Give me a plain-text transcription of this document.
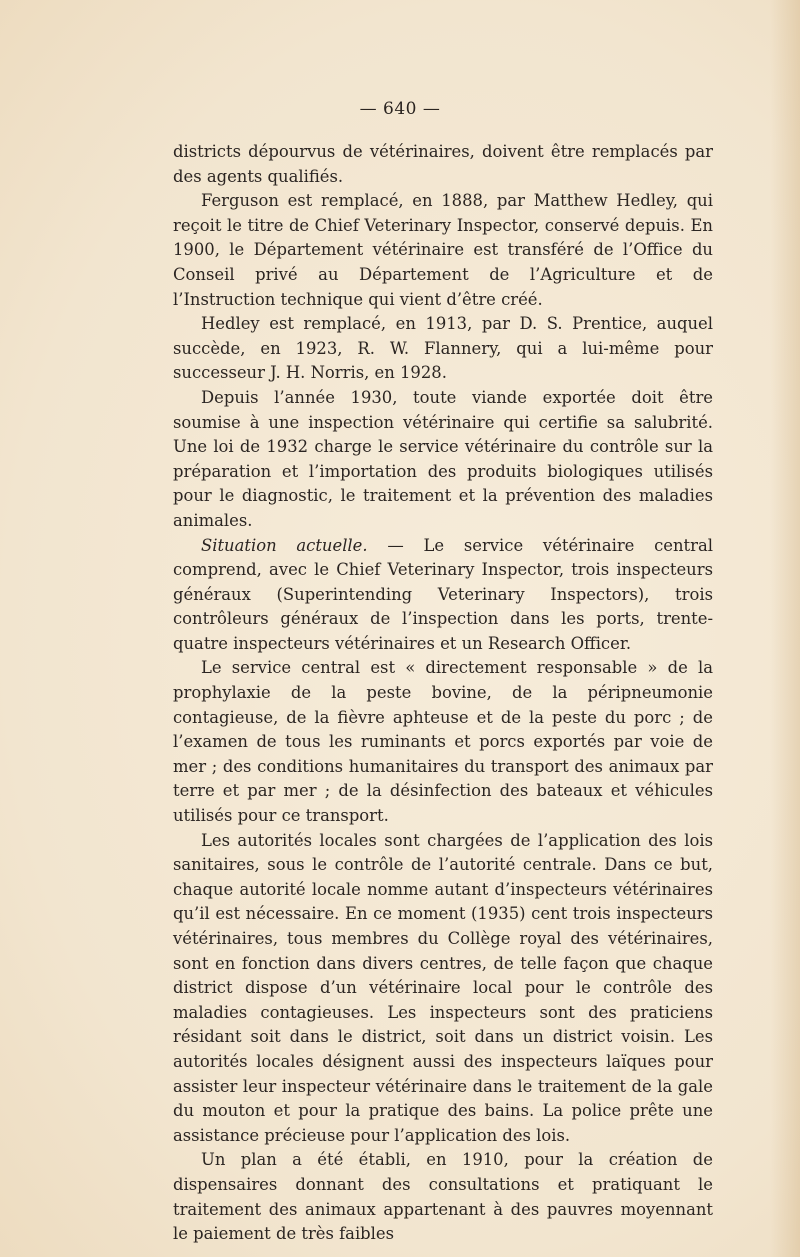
— 640 —

districts dépourvus de vétérinaires, doivent être remplacés par des agents qualifiés.

Ferguson est remplacé, en 1888, par Matthew Hedley, qui reçoit le titre de Chief Veterinary Inspector, conservé depuis. En 1900, le Département vétérinaire est transféré de l’Office du Conseil privé au Département de l’Agriculture et de l’Instruction technique qui vient d’être créé.

Hedley est remplacé, en 1913, par D. S. Prentice, auquel succède, en 1923, R. W. Flannery, qui a lui-même pour successeur J. H. Norris, en 1928.

Depuis l’année 1930, toute viande exportée doit être soumise à une inspection vétérinaire qui certifie sa salubrité. Une loi de 1932 charge le service vétérinaire du contrôle sur la préparation et l’importation des produits biologiques utilisés pour le diagnostic, le traitement et la prévention des maladies animales.

Situation actuelle. — Le service vétérinaire central comprend, avec le Chief Veterinary Inspector, trois inspecteurs généraux (Superintending Veterinary Inspectors), trois contrôleurs généraux de l’inspection dans les ports, trente-quatre inspecteurs vétérinaires et un Research Officer.

Le service central est « directement responsable » de la prophylaxie de la peste bovine, de la péripneumonie contagieuse, de la fièvre aphteuse et de la peste du porc ; de l’examen de tous les ruminants et porcs exportés par voie de mer ; des conditions humanitaires du transport des animaux par terre et par mer ; de la désinfection des bateaux et véhicules utilisés pour ce transport.

Les autorités locales sont chargées de l’application des lois sanitaires, sous le contrôle de l’autorité centrale. Dans ce but, chaque autorité locale nomme autant d’inspecteurs vétérinaires qu’il est nécessaire. En ce moment (1935) cent trois inspecteurs vétérinaires, tous membres du Collège royal des vétérinaires, sont en fonction dans divers centres, de telle façon que chaque district dispose d’un vétérinaire local pour le contrôle des maladies contagieuses. Les inspecteurs sont des praticiens résidant soit dans le district, soit dans un district voisin. Les autorités locales désignent aussi des inspecteurs laïques pour assister leur inspecteur vétérinaire dans le traitement de la gale du mouton et pour la pratique des bains. La police prête une assistance précieuse pour l’application des lois.

Un plan a été établi, en 1910, pour la création de dispensaires donnant des consultations et pratiquant le traitement des animaux appartenant à des pauvres moyennant le paiement de très faibles
